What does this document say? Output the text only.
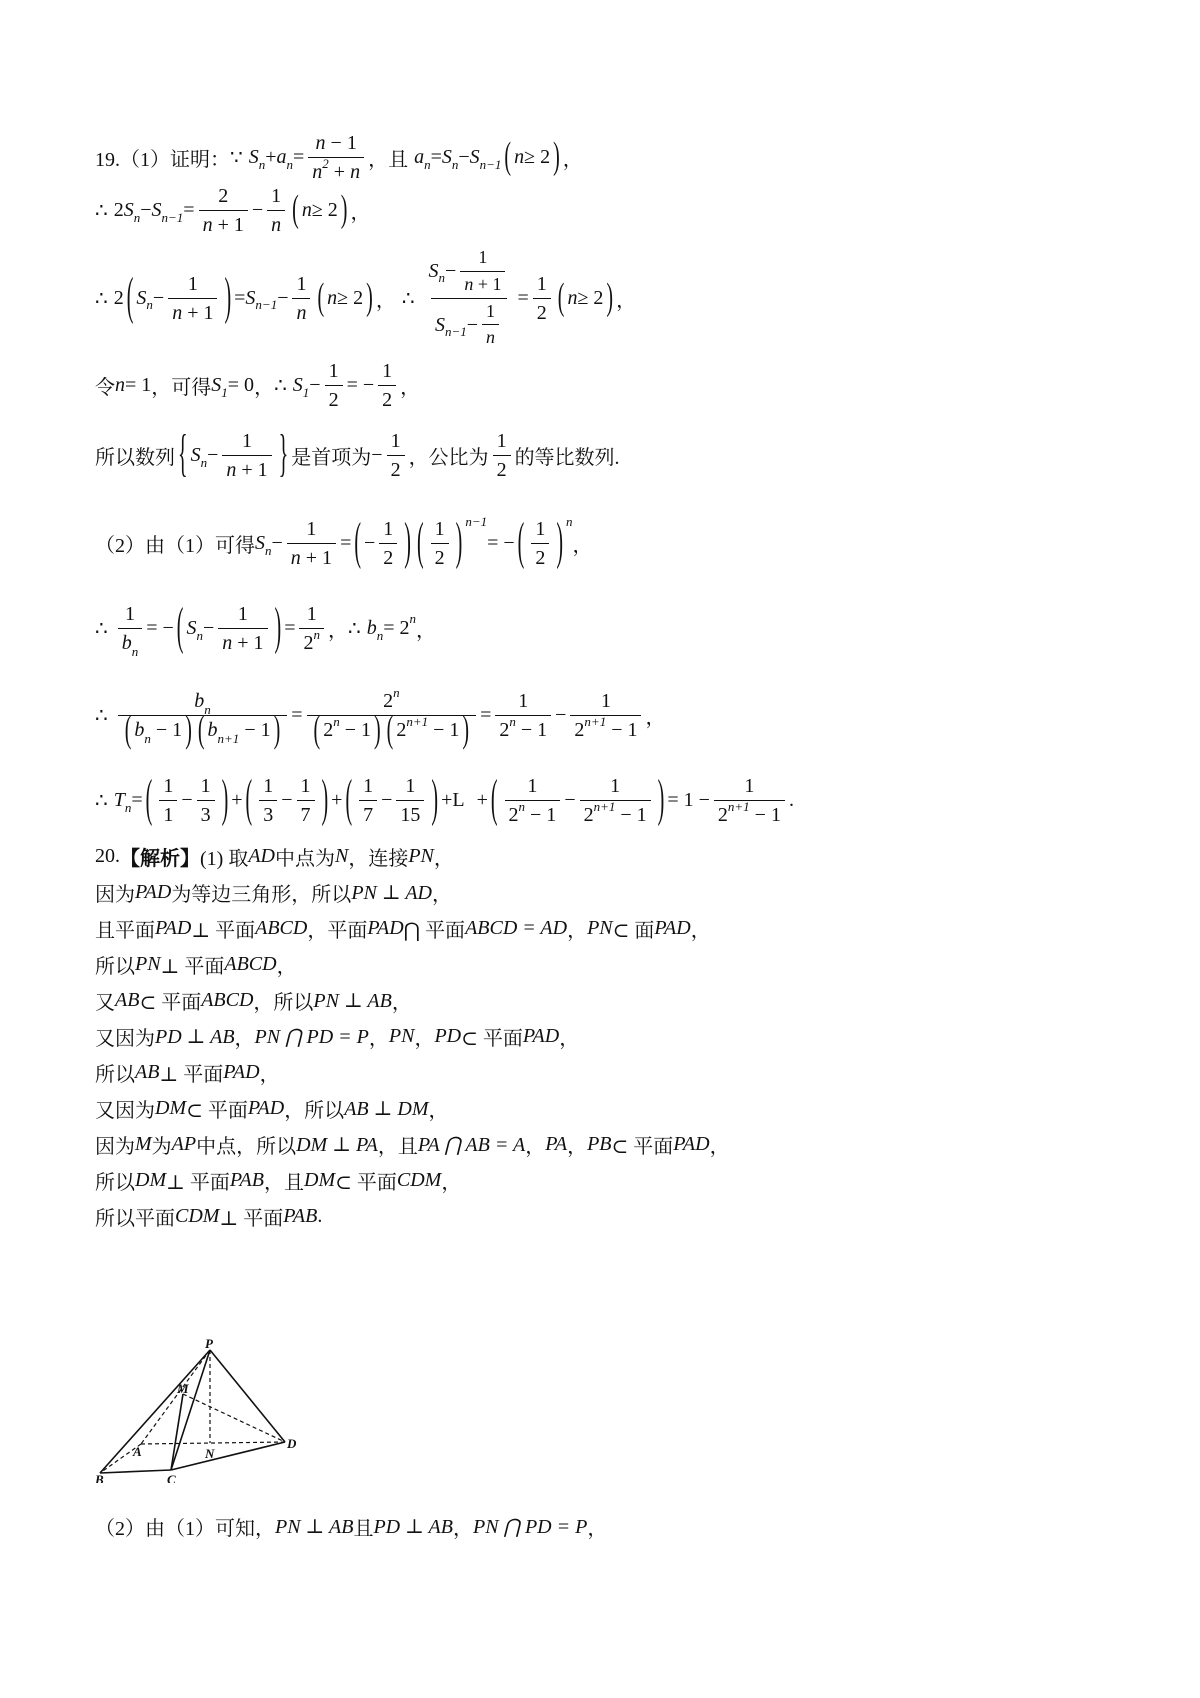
19.（1）证明： ∵ S n + a $n = \frac{n - 1}{n^2 + n}$ ，且 a n = S n − S n−1 ( n ≥ 2 ) ，
∴ 2 S n − S $n-1 = \frac{2}{n + 1} - \frac{1}{n}$ ( n ≥ 2 ) ，
∴ 2 ( S $n - \frac{1}{n + 1}$ ) = S $n-1 - \frac{1}{n}$ ( n ≥ 2 ) ， ∴ $\frac{S n - \frac{1}{n + 1}}{S n-1 - \frac{1}{n}} = \frac{1}{2}$ ( n ≥ 2 ) ，
令 n = 1 ，可得 S 1 = 0 ， ∴ S $1 - \frac{1}{2}$ = − $\frac{1}{2}$ ，
所以数列 { S $n - \frac{1}{n + 1}$ } 是首项为 − $\frac{1}{2}$ ，公比为 $\frac{1}{2}$ 的等比数列.
（2）由（1）可得 S $n - \frac{1}{n + 1}$ = ( − $\frac{1}{2}$ ) ( $\frac{1}{2}$ ) n−1
= − ( $\frac{1}{2}$ ) n
，
∴ $\frac{1}{b_n}$ = − ( S $n - \frac{1}{n + 1}$ ) = $\frac{1}{2^n}$ ， ∴ b n = 2 n
，
∴ $\frac{b_n}{( b_n - 1 ) ( b_{n+1} - 1 )} = \frac{2^n}{( 2^n - 1 ) ( 2^{n+1} - 1 )} = \frac{1}{2^n - 1} - \frac{1}{2^{n+1} - 1}$ ，
∴ T n = ( $\frac{1}{1} - \frac{1}{3}$ ) + ( $\frac{1}{3} - \frac{1}{7}$ ) + ( $\frac{1}{7} - \frac{1}{15}$ ) + L + ( $\frac{1}{2^n - 1} - \frac{1}{2^{n+1} - 1}$ ) = $1 - \frac{1}{2^{n+1} - 1}$ .
20. 【解析】 (1) 取 AD 中点为 N ，连接 PN ，
因为 PAD 为等边三角形，所以 PN ⊥ AD ，
且平面 PAD ⊥ 平面 ABCD ，平面 PAD ⋂ 平面 ABCD = AD ， PN ⊂ 面 PAD ，
所以 PN ⊥ 平面 ABCD ，
又 AB ⊂ 平面 ABCD ，所以 PN ⊥ AB ，
又因为 PD ⊥ AB ， PN ⋂ PD = P ， PN ， PD ⊂ 平面 PAD ，
所以 AB ⊥ 平面 PAD ，
又因为 DM ⊂ 平面 PAD ，所以 AB ⊥ DM ，
因为 M 为 AP 中点，所以 DM ⊥ PA ，且 PA ⋂ AB = A ， PA ， PB ⊂ 平面 PAD ，
所以 DM ⊥ 平面 PAB ，且 DM ⊂ 平面 CDM ，
所以平面 CDM ⊥ 平面 PAB .
P
M
A	N
D
B	C
（2）由（1）可知， PN ⊥ AB 且 PD ⊥ AB ， PN ⋂ PD = P ，
